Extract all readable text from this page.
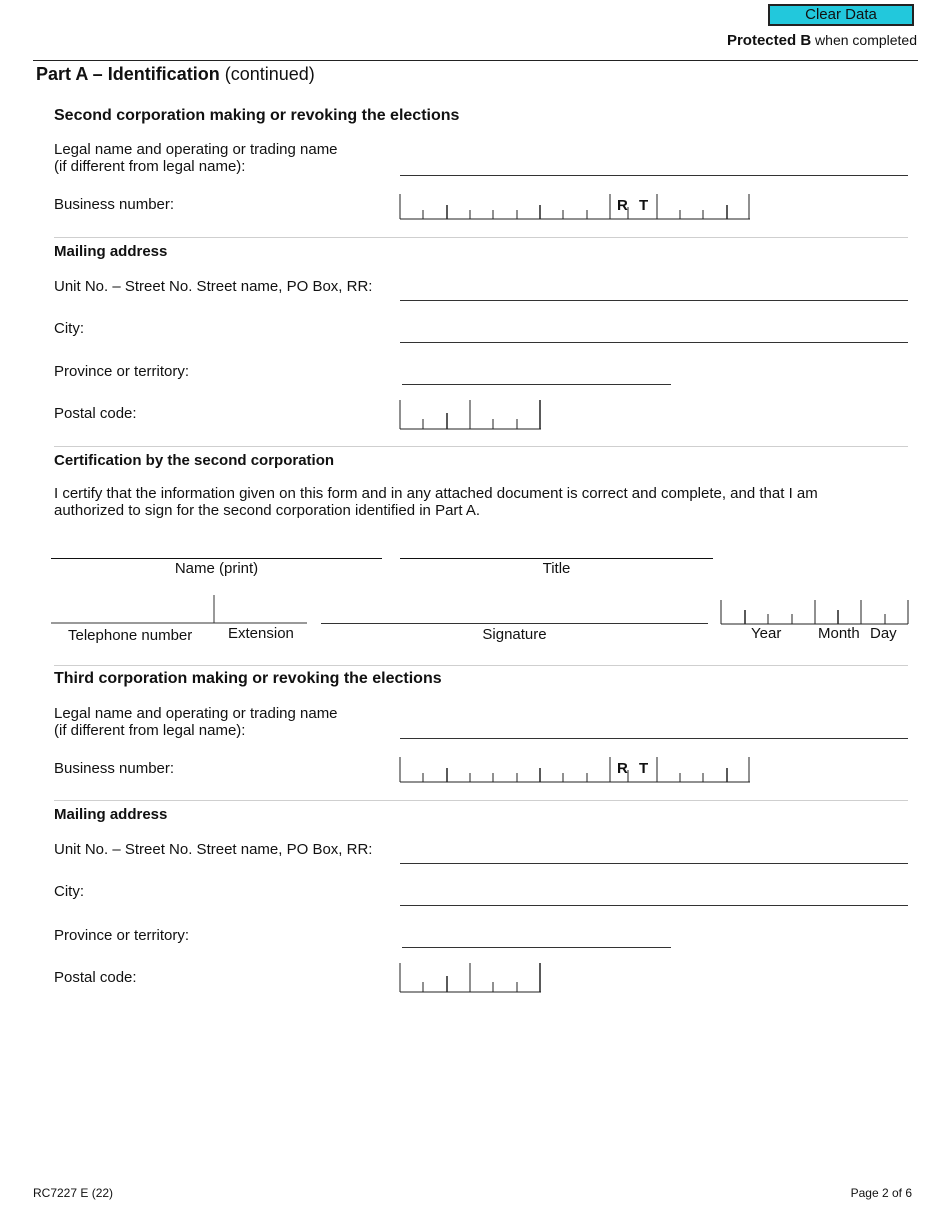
Clear Data
Protected B when completed
Part A – Identification (continued)
Second corporation making or revoking the elections
Legal name and operating or trading name
(if different from legal name):
Business number:	R T
Mailing address
Unit No. – Street No. Street name, PO Box, RR:
City:
Province or territory:
Postal code:
Certification by the second corporation
I certify that the information given on this form and in any attached document is correct and complete, and that I am
authorized to sign for the second corporation identified in Part A.
Name (print)	Title
Telephone number Extension	Signature	Year Month Day
Third corporation making or revoking the elections
Legal name and operating or trading name
(if different from legal name):
Business number:	R T
Mailing address
Unit No. – Street No. Street name, PO Box, RR:
City:
Province or territory:
Postal code:
RC7227 E (22)	Page 2 of 6
